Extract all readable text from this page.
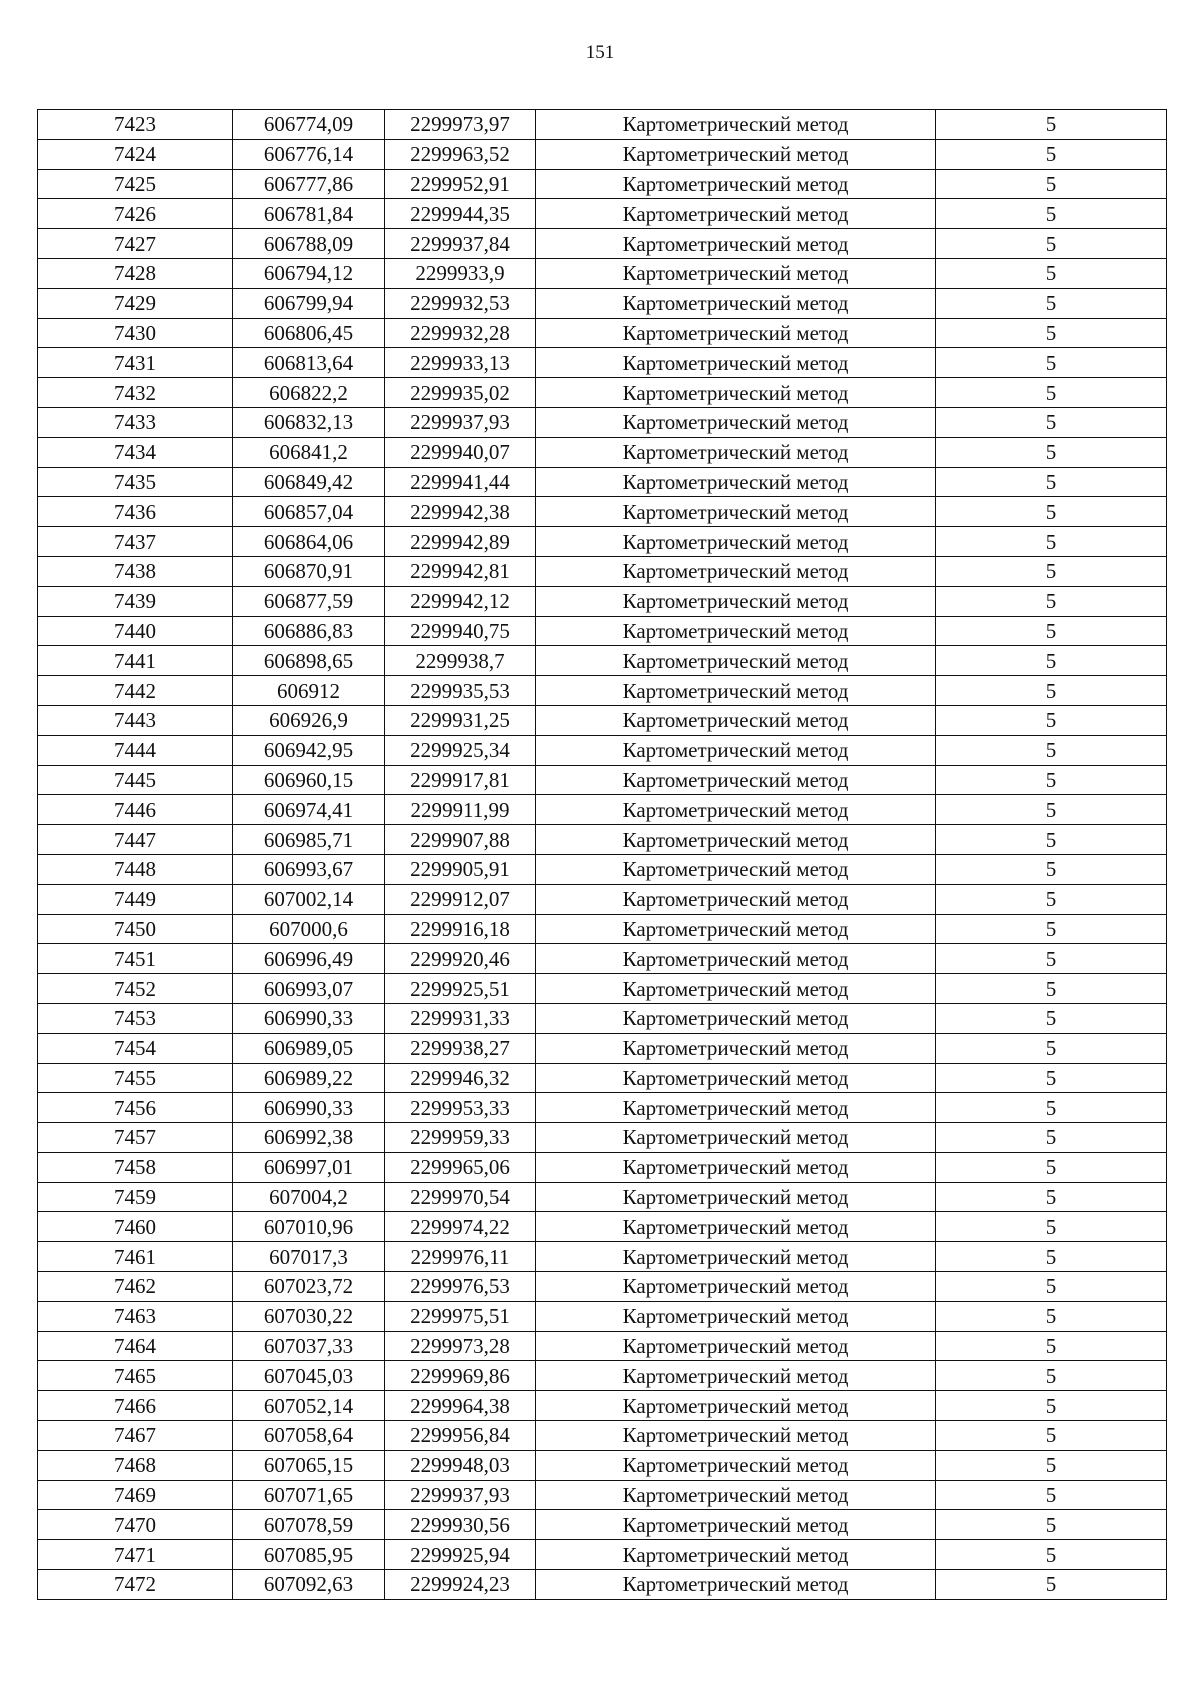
151
7423	606774,09	2299973,97	Картометрический метод	5
7424	606776,14	2299963,52	Картометрический метод	5
7425	606777,86	2299952,91	Картометрический метод	5
7426	606781,84	2299944,35	Картометрический метод	5
7427	606788,09	2299937,84	Картометрический метод	5
7428	606794,12	2299933,9	Картометрический метод	5
7429	606799,94	2299932,53	Картометрический метод	5
7430	606806,45	2299932,28	Картометрический метод	5
7431	606813,64	2299933,13	Картометрический метод	5
7432	606822,2	2299935,02	Картометрический метод	5
7433	606832,13	2299937,93	Картометрический метод	5
7434	606841,2	2299940,07	Картометрический метод	5
7435	606849,42	2299941,44	Картометрический метод	5
7436	606857,04	2299942,38	Картометрический метод	5
7437	606864,06	2299942,89	Картометрический метод	5
7438	606870,91	2299942,81	Картометрический метод	5
7439	606877,59	2299942,12	Картометрический метод	5
7440	606886,83	2299940,75	Картометрический метод	5
7441	606898,65	2299938,7	Картометрический метод	5
7442	606912	2299935,53	Картометрический метод	5
7443	606926,9	2299931,25	Картометрический метод	5
7444	606942,95	2299925,34	Картометрический метод	5
7445	606960,15	2299917,81	Картометрический метод	5
7446	606974,41	2299911,99	Картометрический метод	5
7447	606985,71	2299907,88	Картометрический метод	5
7448	606993,67	2299905,91	Картометрический метод	5
7449	607002,14	2299912,07	Картометрический метод	5
7450	607000,6	2299916,18	Картометрический метод	5
7451	606996,49	2299920,46	Картометрический метод	5
7452	606993,07	2299925,51	Картометрический метод	5
7453	606990,33	2299931,33	Картометрический метод	5
7454	606989,05	2299938,27	Картометрический метод	5
7455	606989,22	2299946,32	Картометрический метод	5
7456	606990,33	2299953,33	Картометрический метод	5
7457	606992,38	2299959,33	Картометрический метод	5
7458	606997,01	2299965,06	Картометрический метод	5
7459	607004,2	2299970,54	Картометрический метод	5
7460	607010,96	2299974,22	Картометрический метод	5
7461	607017,3	2299976,11	Картометрический метод	5
7462	607023,72	2299976,53	Картометрический метод	5
7463	607030,22	2299975,51	Картометрический метод	5
7464	607037,33	2299973,28	Картометрический метод	5
7465	607045,03	2299969,86	Картометрический метод	5
7466	607052,14	2299964,38	Картометрический метод	5
7467	607058,64	2299956,84	Картометрический метод	5
7468	607065,15	2299948,03	Картометрический метод	5
7469	607071,65	2299937,93	Картометрический метод	5
7470	607078,59	2299930,56	Картометрический метод	5
7471	607085,95	2299925,94	Картометрический метод	5
7472	607092,63	2299924,23	Картометрический метод	5
